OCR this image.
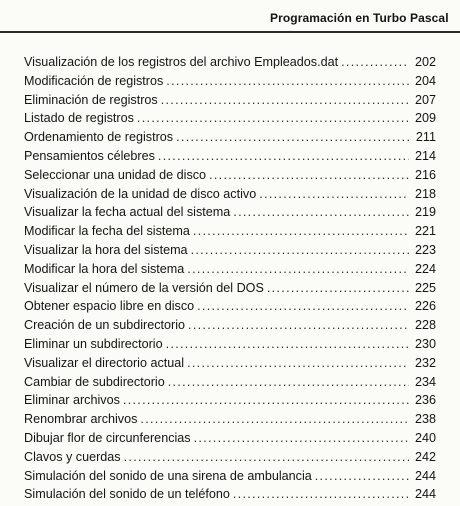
Programación en Turbo Pascal
Visualización de los registros del archivo Empleados.dat .....	202
Modificación de registros .....	204
Eliminación de registros .....	207
Listado de registros .....	209
Ordenamiento de registros .....	211
Pensamientos célebres .....	214
Seleccionar una unidad de disco .....	216
Visualización de la unidad de disco activo .....	218
Visualizar la fecha actual del sistema .....	219
Modificar la fecha del sistema .....	221
Visualizar la hora del sistema .....	223
Modificar la hora del sistema .....	224
Visualizar el número de la versión del DOS .....	225
Obtener espacio libre en disco .....	226
Creación de un subdirectorio .....	228
Eliminar un subdirectorio .....	230
Visualizar el directorio actual .....	232
Cambiar de subdirectorio .....	234
Eliminar archivos .....	236
Renombrar archivos .....	238
Dibujar flor de circunferencias .....	240
Clavos y cuerdas .....	242
Simulación del sonido de una sirena de ambulancia .....	244
Simulación del sonido de un teléfono .....	244
